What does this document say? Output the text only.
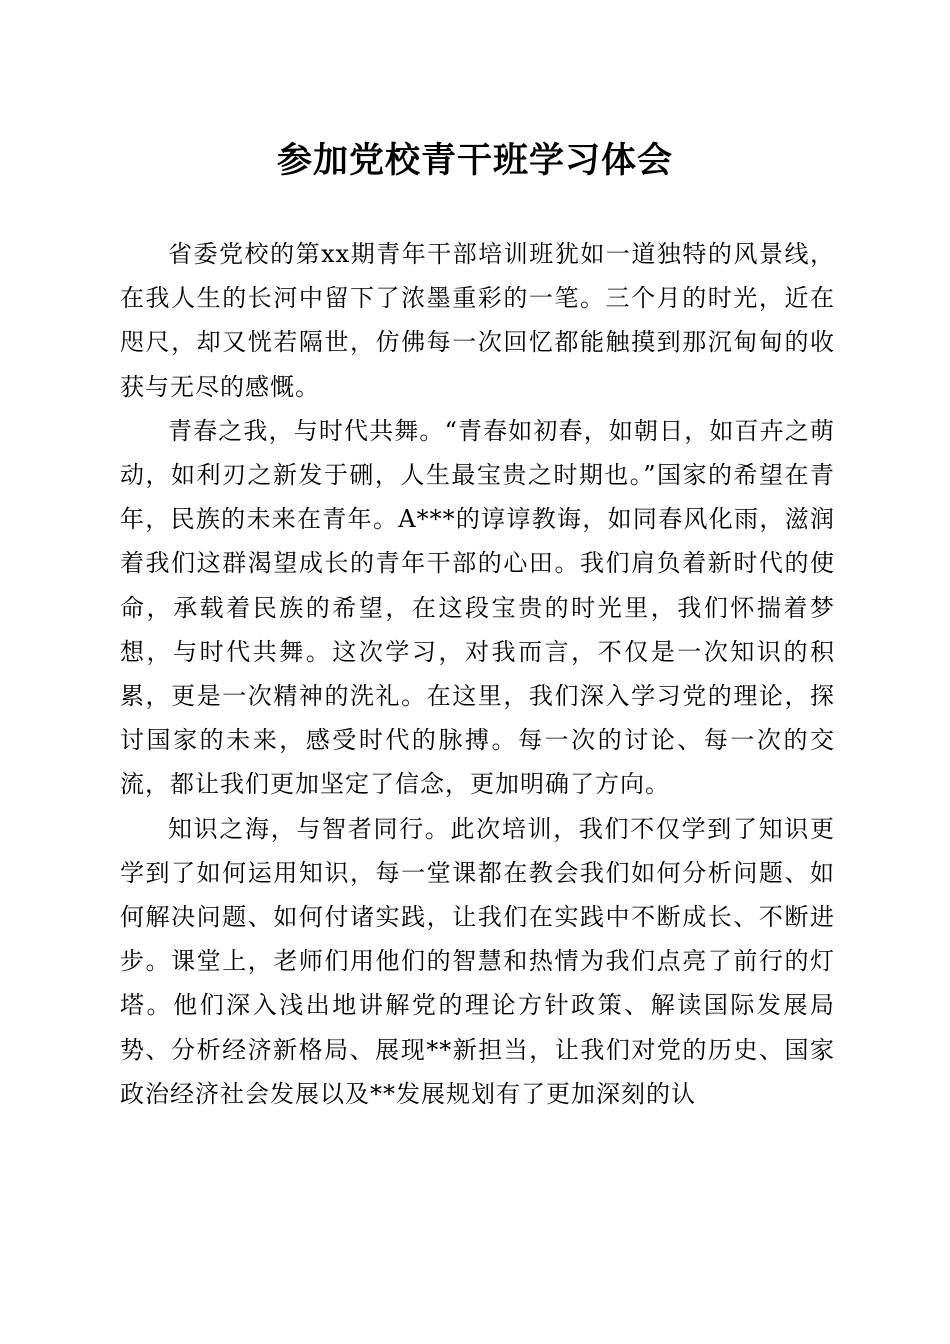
参加党校青干班学习体会

省委党校的第xx期青年干部培训班犹如一道独特的风景线，在我人生的长河中留下了浓墨重彩的一笔。三个月的时光，近在咫尺，却又恍若隔世，仿佛每一次回忆都能触摸到那沉甸甸的收获与无尽的感慨。

青春之我，与时代共舞。“青春如初春，如朝日，如百卉之萌动，如利刃之新发于硎，人生最宝贵之时期也。”国家的希望在青年，民族的未来在青年。A***的谆谆教诲，如同春风化雨，滋润着我们这群渴望成长的青年干部的心田。我们肩负着新时代的使命，承载着民族的希望，在这段宝贵的时光里，我们怀揣着梦想，与时代共舞。这次学习，对我而言，不仅是一次知识的积累，更是一次精神的洗礼。在这里，我们深入学习党的理论，探讨国家的未来，感受时代的脉搏。每一次的讨论、每一次的交流，都让我们更加坚定了信念，更加明确了方向。

知识之海，与智者同行。此次培训，我们不仅学到了知识更学到了如何运用知识，每一堂课都在教会我们如何分析问题、如何解决问题、如何付诸实践，让我们在实践中不断成长、不断进步。课堂上，老师们用他们的智慧和热情为我们点亮了前行的灯塔。他们深入浅出地讲解党的理论方针政策、解读国际发展局势、分析经济新格局、展现**新担当，让我们对党的历史、国家政治经济社会发展以及**发展规划有了更加深刻的认
